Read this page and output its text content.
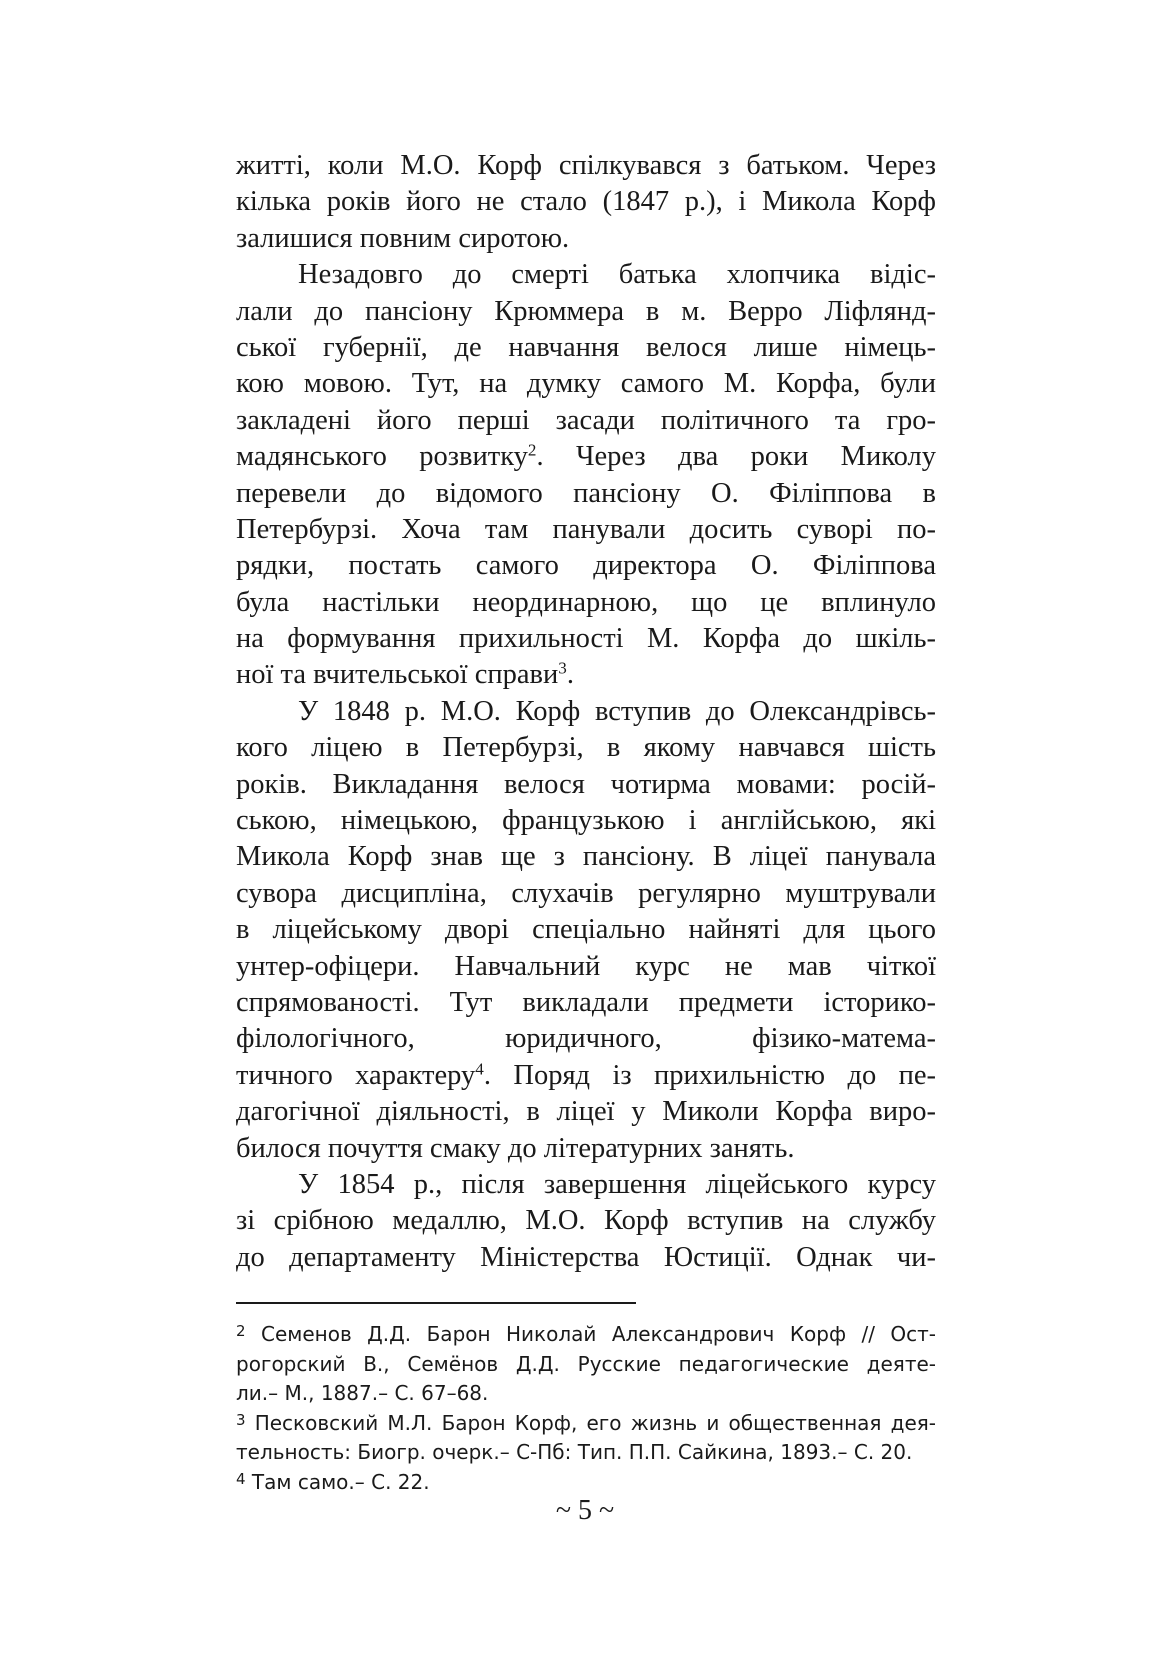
житті, коли М.О. Корф спілкувався з батьком. Через
кілька років його не стало (1847 р.), і Микола Корф
залишися повним сиротою.
Незадовго до смерті батька хлопчика відіс-
лали до пансіону Крюммера в м. Верро Ліфлянд-
ської губернії, де навчання велося лише німець-
кою мовою. Тут, на думку самого М. Корфа, були
закладені його перші засади політичного та гро-
мадянського розвитку$^2$. Через два роки Миколу
перевели до відомого пансіону О. Філіппова в
Петербурзі. Хоча там панували досить суворі по-
рядки, постать самого директора О. Філіппова
була настільки неординарною, що це вплинуло
на формування прихильності М. Корфа до шкіль-
ної та вчительської справи$^3$.
У 1848 р. М.О. Корф вступив до Олександрівсь-
кого ліцею в Петербурзі, в якому навчався шість
років. Викладання велося чотирма мовами: росій-
ською, німецькою, французькою і англійською, які
Микола Корф знав ще з пансіону. В ліцеї панувала
сувора дисципліна, слухачів регулярно муштрували
в ліцейському дворі спеціально найняті для цього
унтер-офіцери. Навчальний курс не мав чіткої
спрямованості. Тут викладали предмети історико-
філологічного, юридичного, фізико-матема-
тичного характеру$^4$. Поряд із прихильністю до пе-
дагогічної діяльності, в ліцеї у Миколи Корфа виро-
билося почуття смаку до літературних занять.
У 1854 р., після завершення ліцейського курсу
зі срібною медаллю, М.О. Корф вступив на службу
до департаменту Міністерства Юстиції. Однак чи-
$^2$ Семенов Д.Д. Барон Николай Александрович Корф // Ост-
рогорский В., Семёнов Д.Д. Русские педагогические деяте-
ли.– М., 1887.– С. 67–68.
$^3$ Песковский М.Л. Барон Корф, его жизнь и общественная дея-
тельность: Биогр. очерк.– С-Пб: Тип. П.П. Сайкина, 1893.– С. 20.
$^4$ Там само.– С. 22.
~ 5 ~
